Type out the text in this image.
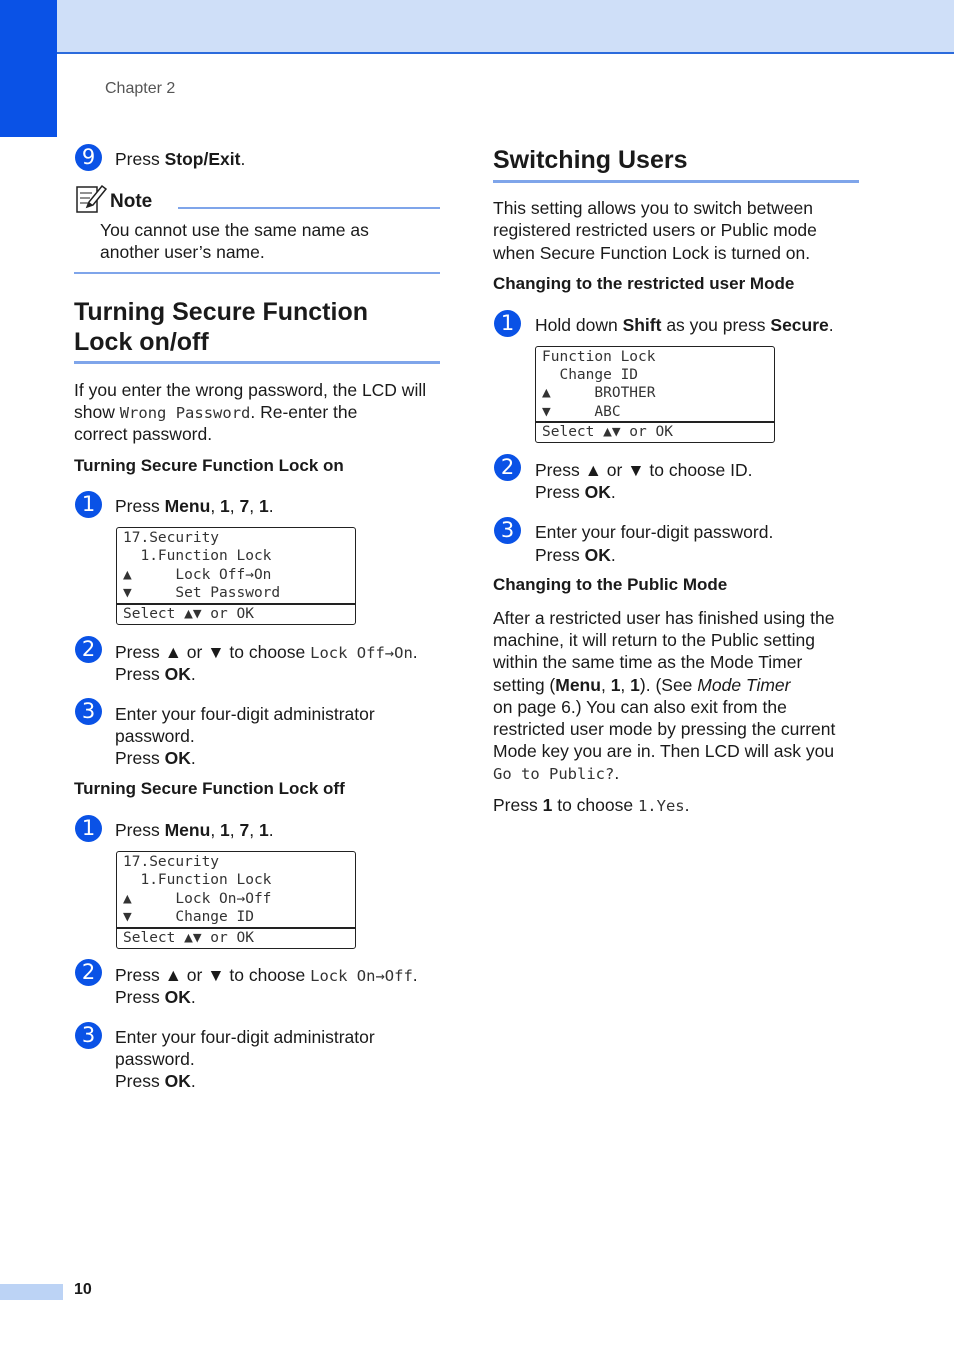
Chapter 2
10
9	Press Stop/Exit.
Note
You cannot use the same name as
another user’s name.
Turning Secure Function
Lock on/off
If you enter the wrong password, the LCD will
show Wrong Password. Re-enter the
correct password.
Turning Secure Function Lock on
1	Press Menu, 1, 7, 1.
17.Security
1.Function Lock
▲     Lock Off→On
▼     Set Password
Select ▲▼ or OK
2	Press ▲ or ▼ to choose Lock Off→On.
Press OK.
3	Enter your four-digit administrator
password.
Press OK.
Turning Secure Function Lock off
1	Press Menu, 1, 7, 1.
17.Security
1.Function Lock
▲     Lock On→Off
▼     Change ID
Select ▲▼ or OK
2	Press ▲ or ▼ to choose Lock On→Off.
Press OK.
3	Enter your four-digit administrator
password.
Press OK.
Switching Users
This setting allows you to switch between
registered restricted users or Public mode
when Secure Function Lock is turned on.
Changing to the restricted user Mode
1	Hold down Shift as you press Secure.
Function Lock
Change ID
▲     BROTHER
▼     ABC
Select ▲▼ or OK
2	Press ▲ or ▼ to choose ID.
Press OK.
3	Enter your four-digit password.
Press OK.
Changing to the Public Mode
After a restricted user has finished using the
machine, it will return to the Public setting
within the same time as the Mode Timer
setting (Menu, 1, 1). (See Mode Timer
on page 6.) You can also exit from the
restricted user mode by pressing the current
Mode key you are in. Then LCD will ask you
Go to Public?.
Press 1 to choose 1.Yes.
